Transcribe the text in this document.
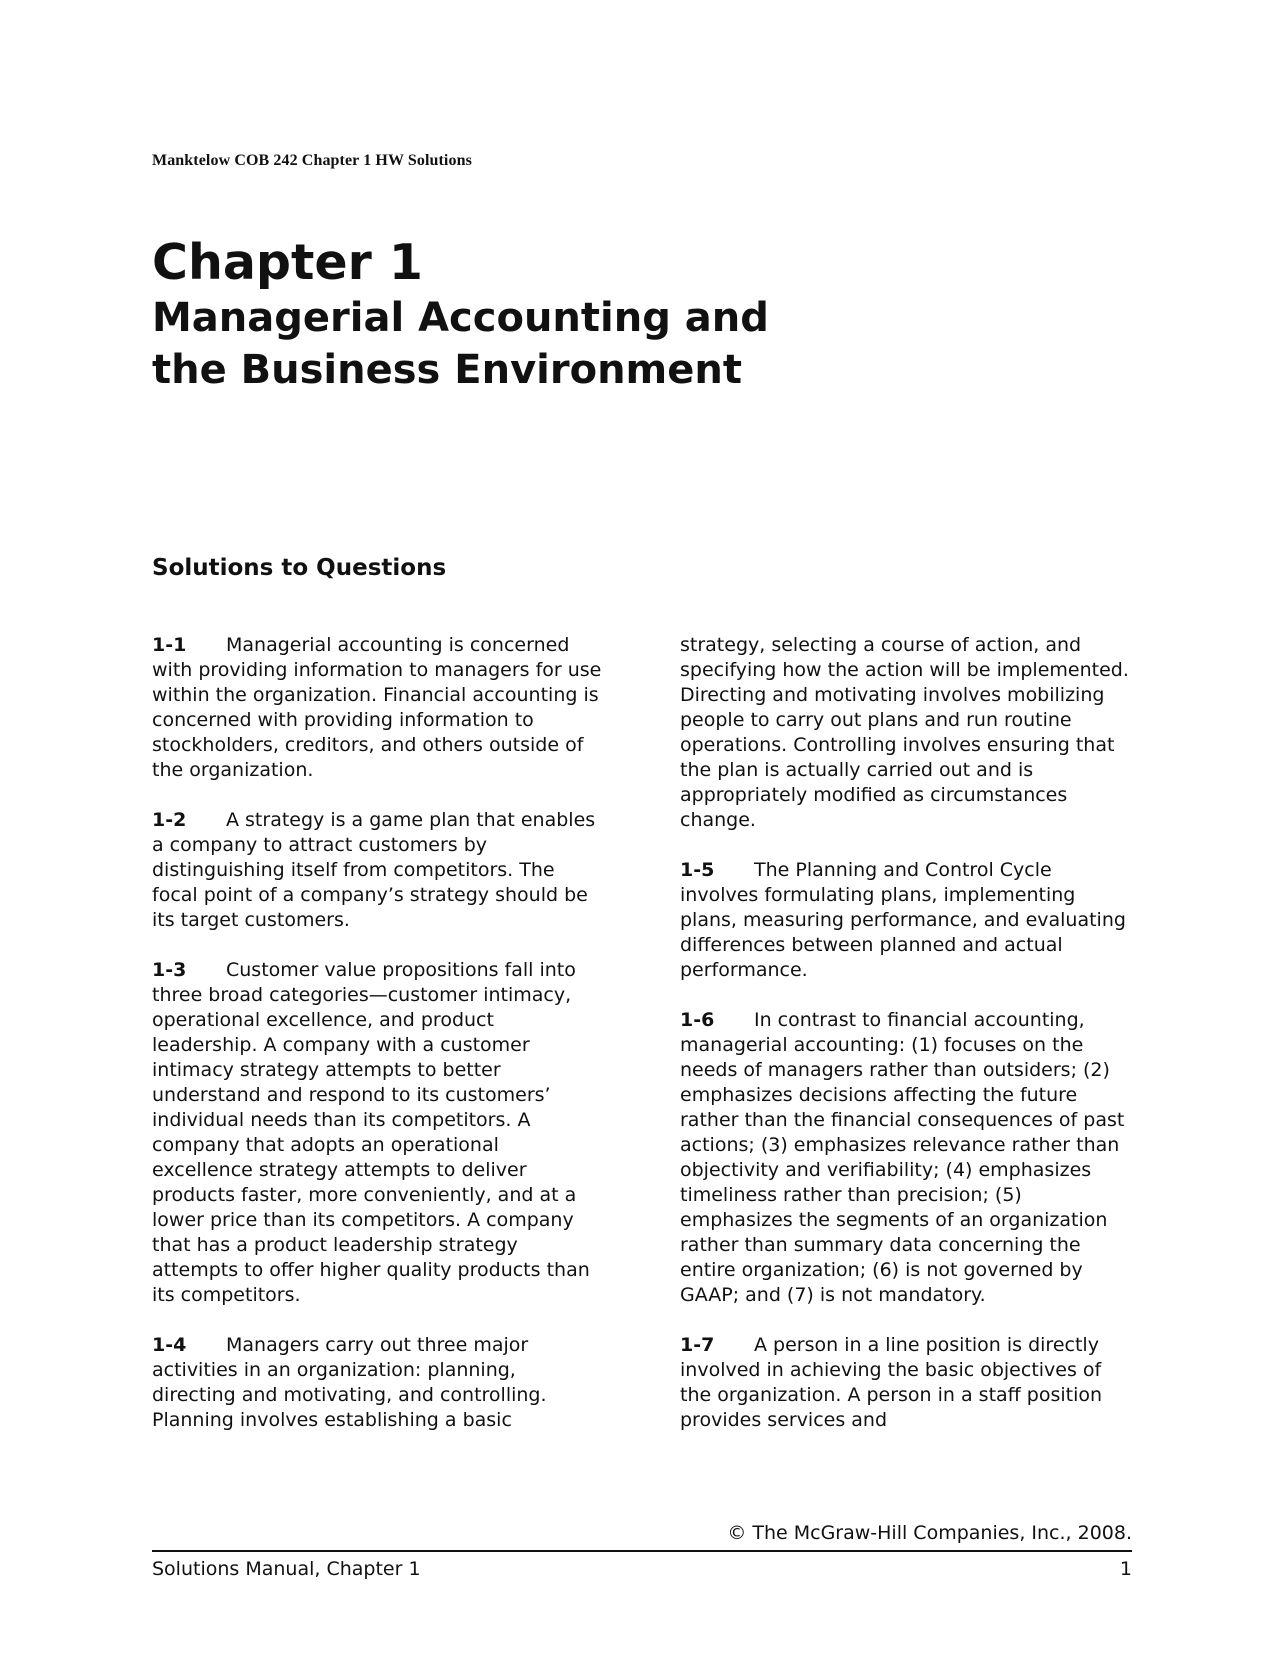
Manktelow COB 242 Chapter 1 HW Solutions
Chapter 1
Managerial Accounting and the Business Environment
Solutions to Questions

1-1 Managerial accounting is concerned with providing information to managers for use within the organization. Financial accounting is concerned with providing information to stockholders, creditors, and others outside of the organization.

1-2 A strategy is a game plan that enables a company to attract customers by distinguishing itself from competitors. The focal point of a company’s strategy should be its target customers.

1-3 Customer value propositions fall into three broad categories—customer intimacy, operational excellence, and product leadership. A company with a customer intimacy strategy attempts to better understand and respond to its customers’ individual needs than its competitors. A company that adopts an operational excellence strategy attempts to deliver products faster, more conveniently, and at a lower price than its competitors. A company that has a product leadership strategy attempts to offer higher quality products than its competitors.

1-4 Managers carry out three major activities in an organization: planning, directing and motivating, and controlling. Planning involves establishing a basic

strategy, selecting a course of action, and specifying how the action will be implemented. Directing and motivating involves mobilizing people to carry out plans and run routine operations. Controlling involves ensuring that the plan is actually carried out and is appropriately modified as circumstances change.

1-5 The Planning and Control Cycle involves formulating plans, implementing plans, measuring performance, and evaluating differences between planned and actual performance.

1-6 In contrast to financial accounting, managerial accounting: (1) focuses on the needs of managers rather than outsiders; (2) emphasizes decisions affecting the future rather than the financial consequences of past actions; (3) emphasizes relevance rather than objectivity and verifiability; (4) emphasizes timeliness rather than precision; (5) emphasizes the segments of an organization rather than summary data concerning the entire organization; (6) is not governed by GAAP; and (7) is not mandatory.

1-7 A person in a line position is directly involved in achieving the basic objectives of the organization. A person in a staff position provides services and

© The McGraw-Hill Companies, Inc., 2008.
Solutions Manual, Chapter 1	1
